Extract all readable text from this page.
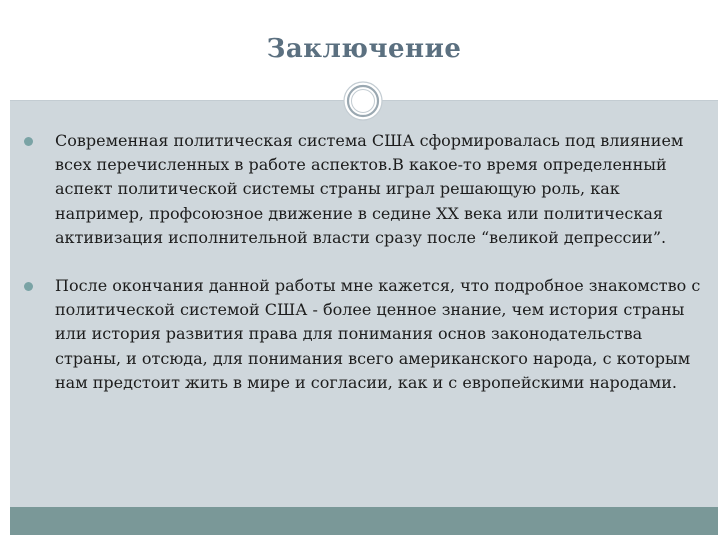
Заключение
Современная политическая система США сформировалась под влиянием всех перечисленных в работе аспектов.В какое-то время определенный аспект политической системы страны играл решающую роль, как например, профсоюзное движение в седине XX века или политическая активизация исполнительной власти сразу после “великой депрессии”.
После окончания данной работы мне кажется, что подробное знакомство с политической системой США - более ценное знание, чем история страны или история развития права для понимания основ законодательства страны, и отсюда, для понимания всего американского народа, с которым нам предстоит жить в мире и согласии, как и с европейскими народами.
